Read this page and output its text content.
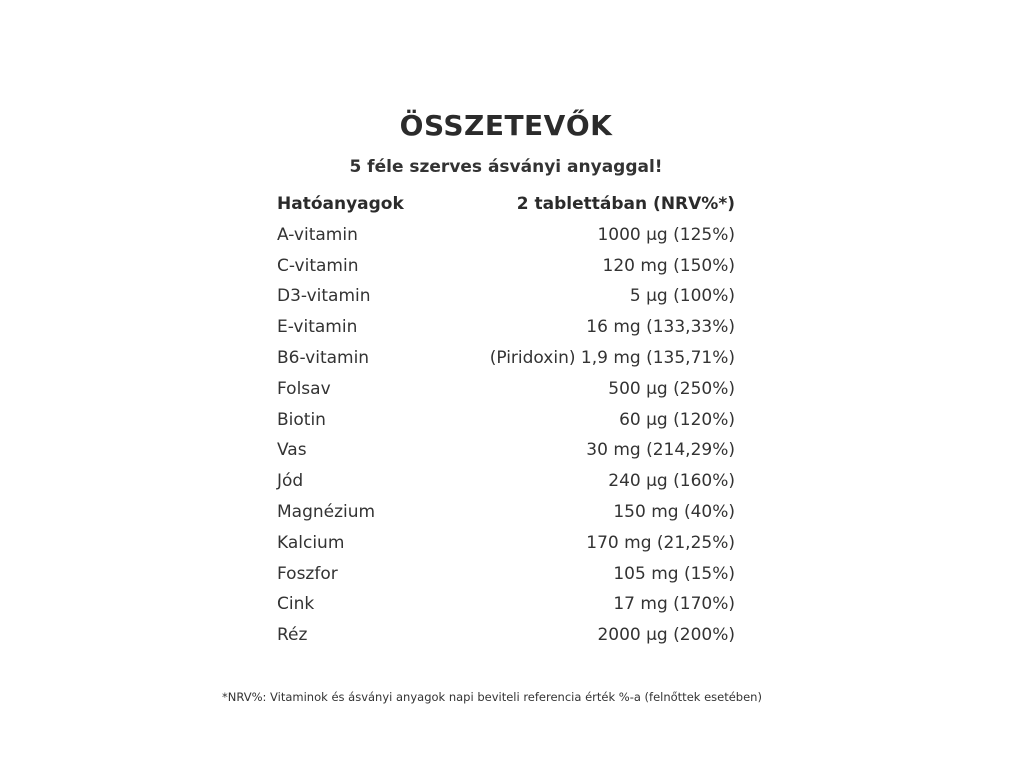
ÖSSZETEVŐK
5 féle szerves ásványi anyaggal!
Hatóanyagok	2 tablettában (NRV%*)
A-vitamin	1000 µg (125%)
C-vitamin	120 mg (150%)
D3-vitamin	5 µg (100%)
E-vitamin	16 mg (133,33%)
B6-vitamin	(Piridoxin) 1,9 mg (135,71%)
Folsav	500 µg (250%)
Biotin	60 µg (120%)
Vas	30 mg (214,29%)
Jód	240 µg (160%)
Magnézium	150 mg (40%)
Kalcium	170 mg (21,25%)
Foszfor	105 mg (15%)
Cink	17 mg (170%)
Réz	2000 µg (200%)
*NRV%: Vitaminok és ásványi anyagok napi beviteli referencia érték %-a (felnőttek esetében)
